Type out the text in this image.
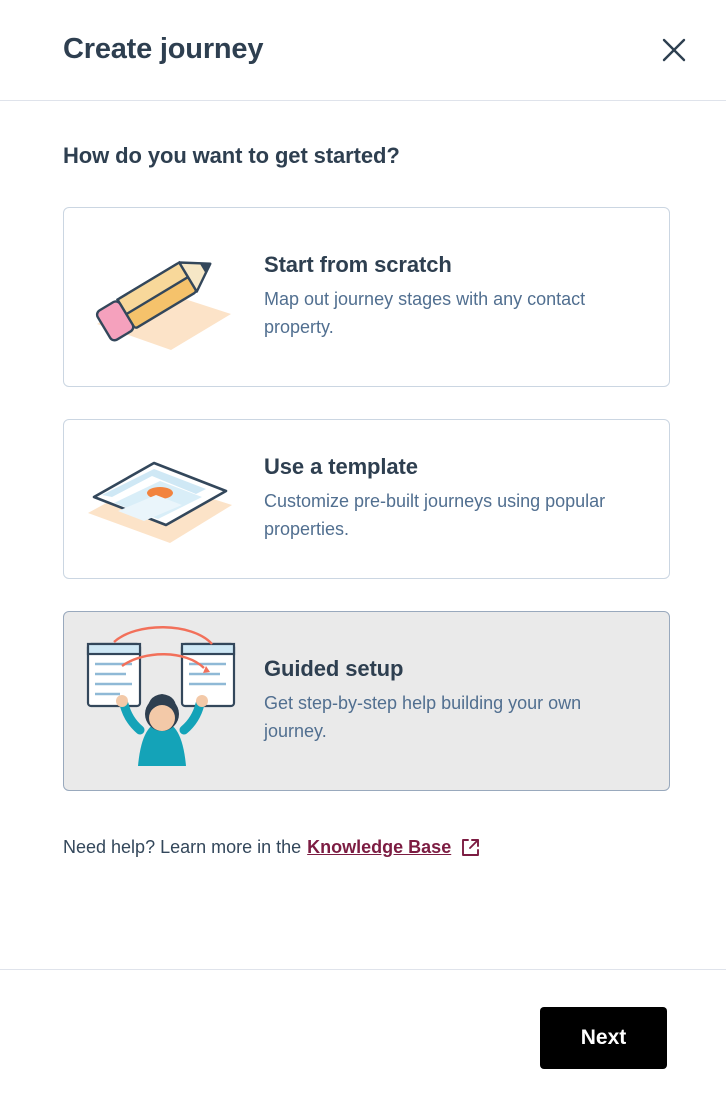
Create journey
How do you want to get started?
Start from scratch
Map out journey stages with any contact property.
Use a template
Customize pre-built journeys using popular properties.
Guided setup
Get step-by-step help building your own journey.
Need help? Learn more in the Knowledge Base
Next
